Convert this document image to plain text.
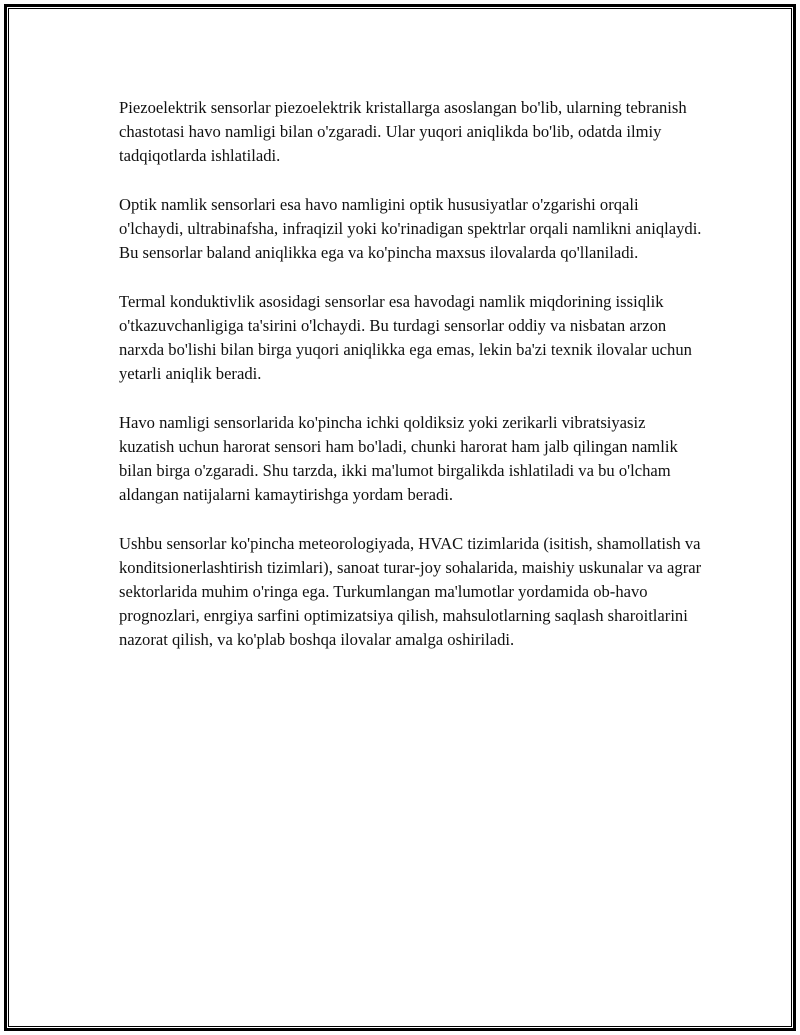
Piezoelektrik sensorlar piezoelektrik kristallarga asoslangan bo'lib, ularning tebranish chastotasi havo namligi bilan o'zgaradi. Ular yuqori aniqlikda bo'lib, odatda ilmiy tadqiqotlarda ishlatiladi.

Optik namlik sensorlari esa havo namligini optik hususiyatlar o'zgarishi orqali o'lchaydi, ultrabinafsha, infraqizil yoki ko'rinadigan spektrlar orqali namlikni aniqlaydi. Bu sensorlar baland aniqlikka ega va ko'pincha maxsus ilovalarda qo'llaniladi.

Termal konduktivlik asosidagi sensorlar esa havodagi namlik miqdorining issiqlik o'tkazuvchanligiga ta'sirini o'lchaydi. Bu turdagi sensorlar oddiy va nisbatan arzon narxda bo'lishi bilan birga yuqori aniqlikka ega emas, lekin ba'zi texnik ilovalar uchun yetarli aniqlik beradi.

Havo namligi sensorlarida ko'pincha ichki qoldiksiz yoki zerikarli vibratsiyasiz kuzatish uchun harorat sensori ham bo'ladi, chunki harorat ham jalb qilingan namlik bilan birga o'zgaradi. Shu tarzda, ikki ma'lumot birgalikda ishlatiladi va bu o'lcham aldangan natijalarni kamaytirishga yordam beradi.

Ushbu sensorlar ko'pincha meteorologiyada, HVAC tizimlarida (isitish, shamollatish va konditsionerlashtirish tizimlari), sanoat turar-joy sohalarida, maishiy uskunalar va agrar sektorlarida muhim o'ringa ega. Turkumlangan ma'lumotlar yordamida ob-havo prognozlari, enrgiya sarfini optimizatsiya qilish, mahsulotlarning saqlash sharoitlarini nazorat qilish, va ko'plab boshqa ilovalar amalga oshiriladi.
